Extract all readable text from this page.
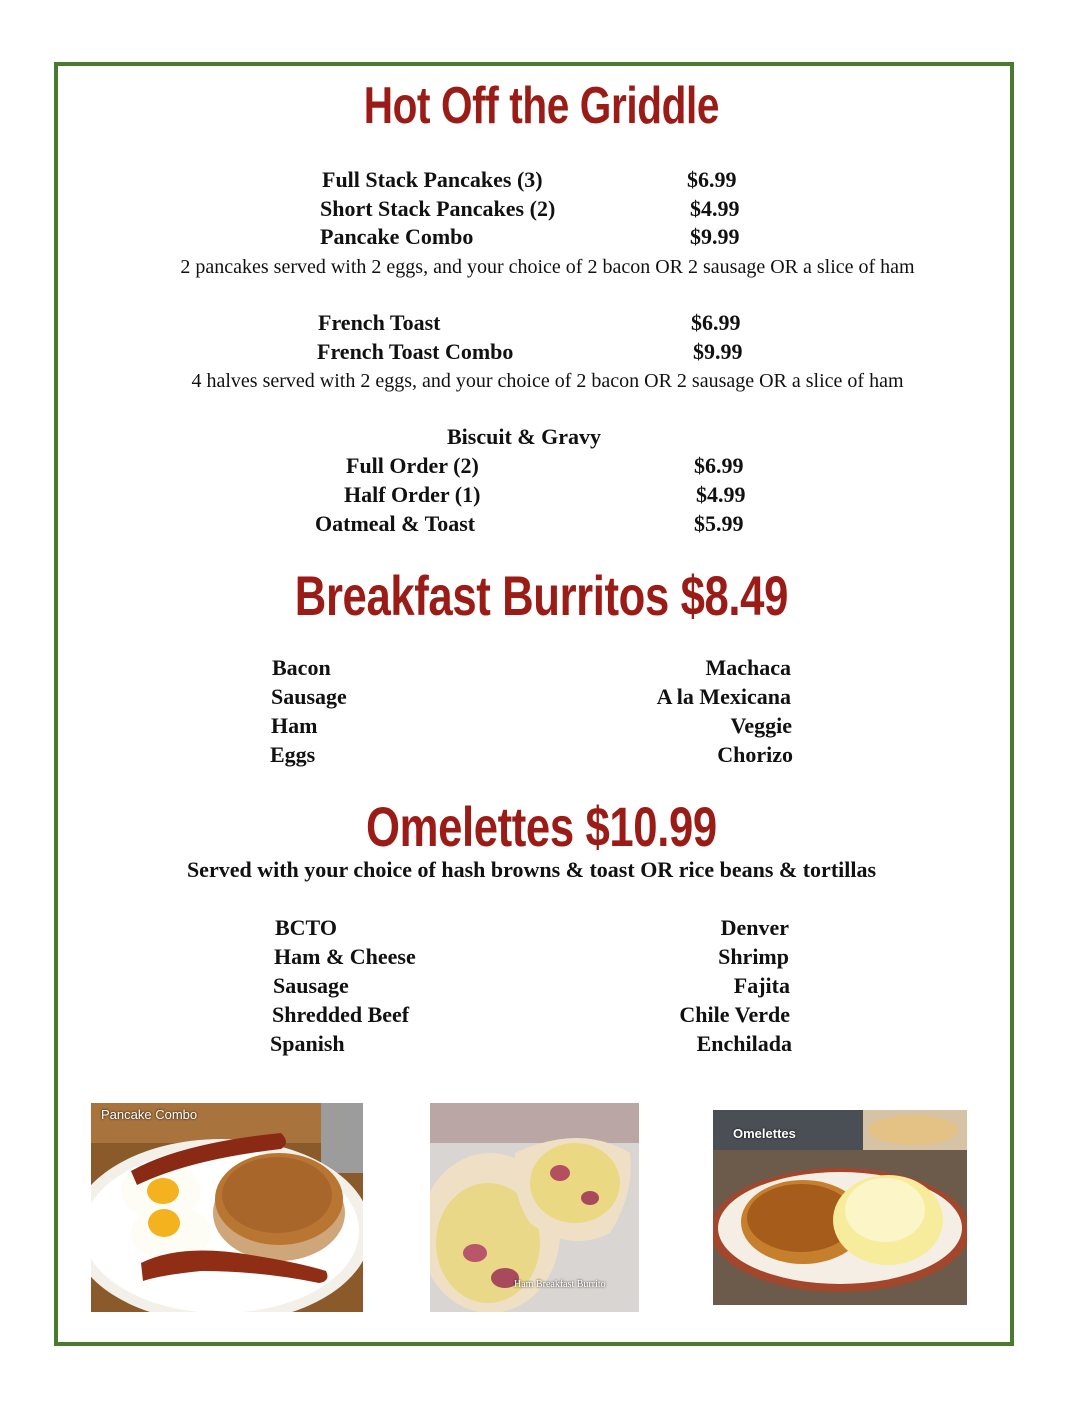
Hot Off the Griddle
Full Stack Pancakes (3)	$6.99
Short Stack Pancakes (2)	$4.99
Pancake Combo	$9.99
2 pancakes served with 2 eggs, and your choice of 2 bacon OR 2 sausage OR a slice of ham
French Toast	$6.99
French Toast Combo	$9.99
4 halves served with 2 eggs, and your choice of 2 bacon OR 2 sausage OR a slice of ham
Biscuit & Gravy
Full Order (2)	$6.99
Half Order (1)	$4.99
Oatmeal & Toast	$5.99
Breakfast Burritos $8.49
Bacon
Sausage
Ham
Eggs
Machaca
A la Mexicana
Veggie
Chorizo
Omelettes $10.99
Served with your choice of hash browns & toast OR rice beans & tortillas
BCTO
Ham & Cheese
Sausage
Shredded Beef
Spanish
Denver
Shrimp
Fajita
Chile Verde
Enchilada
Pancake Combo
Ham Breakfast Burrito
Omelettes
